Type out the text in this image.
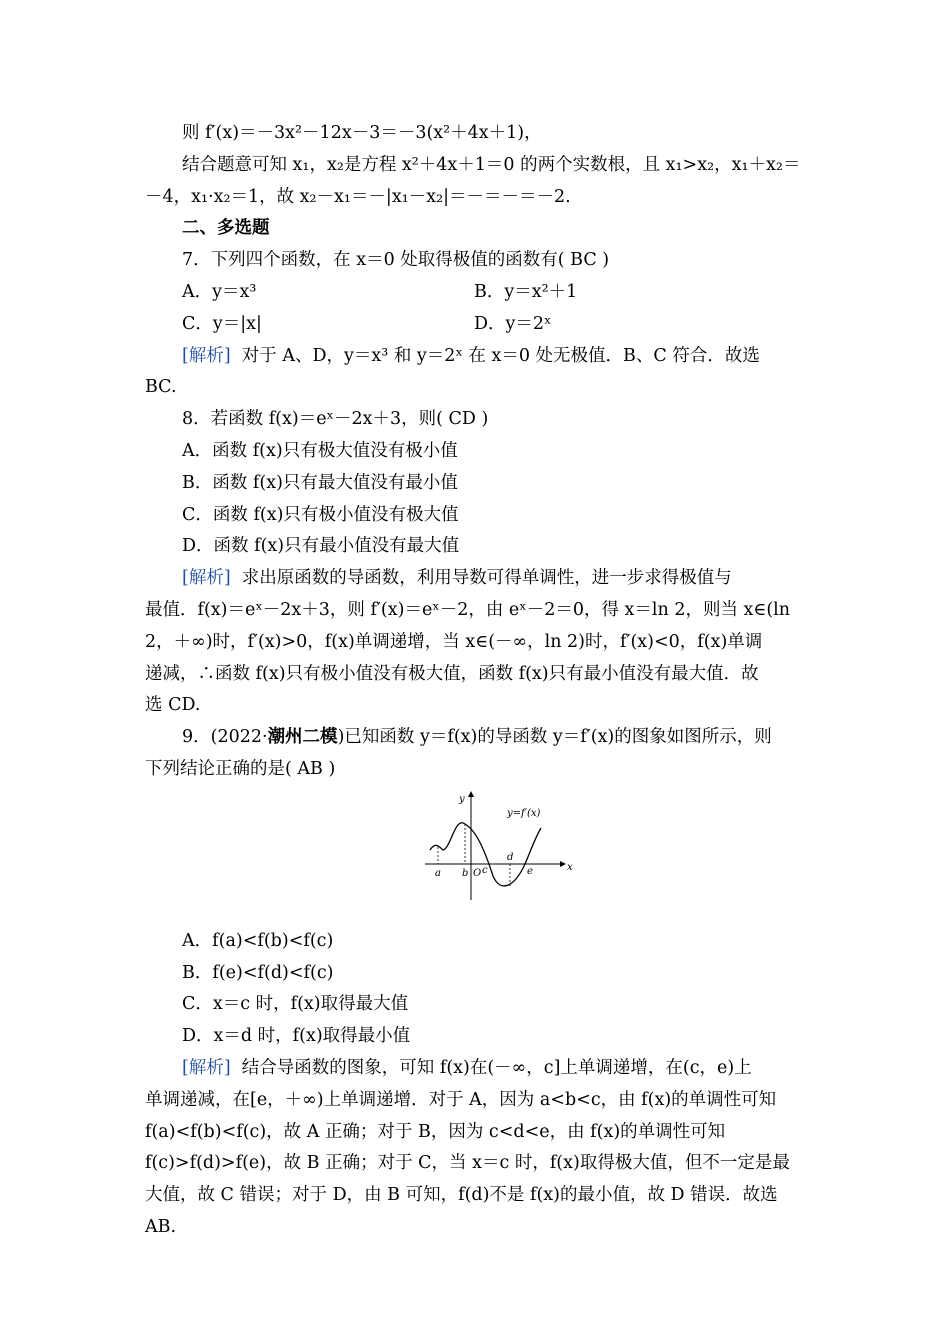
则 f′(x)＝－3x²－12x－3＝－3(x²＋4x＋1)，
结合题意可知 x₁，x₂是方程 x²＋4x＋1＝0 的两个实数根，且 x₁>x₂，x₁＋x₂＝
－4，x₁·x₂＝1，故 x₂－x₁＝－|x₁－x₂|＝－＝－＝－2.
二、多选题
7．下列四个函数，在 x＝0 处取得极值的函数有( BC )
A．y＝x³	B．y＝x²＋1
C．y＝|x|	D．y＝2ˣ
[解析] 对于 A、D，y＝x³ 和 y＝2ˣ 在 x＝0 处无极值．B、C 符合．故选
BC.
8．若函数 f(x)＝eˣ－2x＋3，则( CD )
A．函数 f(x)只有极大值没有极小值
B．函数 f(x)只有最大值没有最小值
C．函数 f(x)只有极小值没有极大值
D．函数 f(x)只有最小值没有最大值
[解析] 求出原函数的导函数，利用导数可得单调性，进一步求得极值与
最值．f(x)＝eˣ－2x＋3，则 f′(x)＝eˣ－2，由 eˣ－2＝0，得 x＝ln 2，则当 x∈(ln
2，＋∞)时，f′(x)>0，f(x)单调递增，当 x∈(－∞，ln 2)时，f′(x)<0，f(x)单调
递减，∴函数 f(x)只有极小值没有极大值，函数 f(x)只有最小值没有最大值．故
选 CD.
9．(2022·潮州二模)已知函数 y＝f(x)的导函数 y＝f′(x)的图象如图所示，则
下列结论正确的是( AB )
y=f′(x)
x
y
a b O c
d
e
A．f(a)<f(b)<f(c)
B．f(e)<f(d)<f(c)
C．x＝c 时，f(x)取得最大值
D．x＝d 时，f(x)取得最小值
[解析] 结合导函数的图象，可知 f(x)在(－∞，c]上单调递增，在(c，e)上
单调递减，在[e，＋∞)上单调递增．对于 A，因为 a<b<c，由 f(x)的单调性可知
f(a)<f(b)<f(c)，故 A 正确；对于 B，因为 c<d<e，由 f(x)的单调性可知
f(c)>f(d)>f(e)，故 B 正确；对于 C，当 x＝c 时，f(x)取得极大值，但不一定是最
大值，故 C 错误；对于 D，由 B 可知，f(d)不是 f(x)的最小值，故 D 错误．故选
AB.
